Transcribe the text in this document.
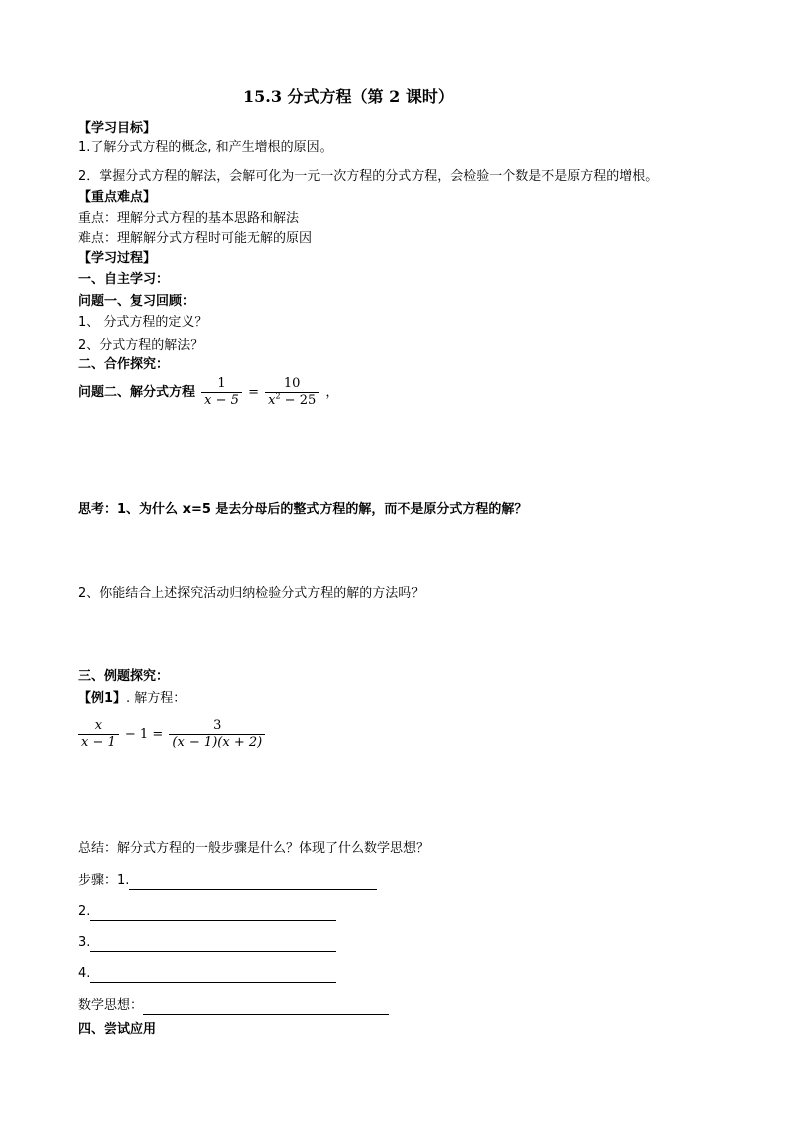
15.3 分式方程（第 2 课时）
【学习目标】
1.了解分式方程的概念, 和产生增根的原因。
2．掌握分式方程的解法，会解可化为一元一次方程的分式方程，会检验一个数是不是原方程的增根。
【重点难点】
重点：理解分式方程的基本思路和解法
难点：理解解分式方程时可能无解的原因
【学习过程】
一、自主学习：
问题一、复习回顾：
1、 分式方程的定义？
2、分式方程的解法？
二、合作探究：
问题二、解分式方程 $\frac{1}{x - 5} = \frac{10}{x^2 - 25}$ ，
思考：1、为什么 x=5 是去分母后的整式方程的解，而不是原分式方程的解？
2、你能结合上述探究活动归纳检验分式方程的解的方法吗？
三、例题探究：
【例1】. 解方程：
$\frac{x}{x - 1} - 1 = \frac{3}{(x - 1)(x + 2)}$
总结：解分式方程的一般步骤是什么？体现了什么数学思想？
步骤：1.
2.
3.
4.
数学思想：
四、尝试应用
